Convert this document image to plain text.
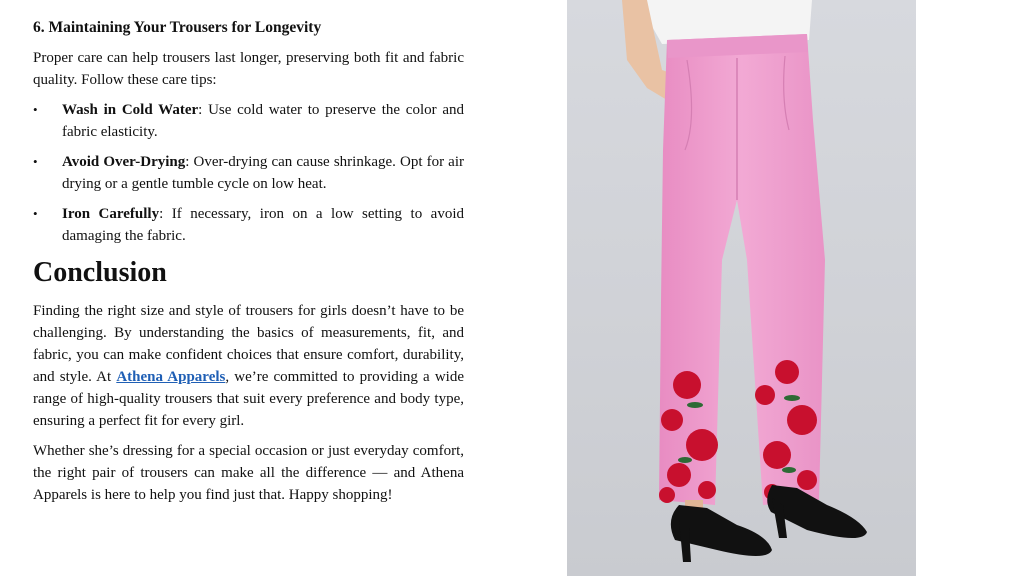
6. Maintaining Your Trousers for Longevity

Proper care can help trousers last longer, preserving both fit and fabric quality. Follow these care tips:

• Wash in Cold Water: Use cold water to preserve the color and fabric elasticity.
• Avoid Over-Drying: Over-drying can cause shrinkage. Opt for air drying or a gentle tumble cycle on low heat.
• Iron Carefully: If necessary, iron on a low setting to avoid damaging the fabric.
Conclusion

Finding the right size and style of trousers for girls doesn’t have to be challenging. By understanding the basics of measurements, fit, and fabric, you can make confident choices that ensure comfort, durability, and style. At Athena Apparels, we’re committed to providing a wide range of high-quality trousers that suit every preference and body type, ensuring a perfect fit for every girl.

Whether she’s dressing for a special occasion or just everyday comfort, the right pair of trousers can make all the difference — and Athena Apparels is here to help you find just that. Happy shopping!
